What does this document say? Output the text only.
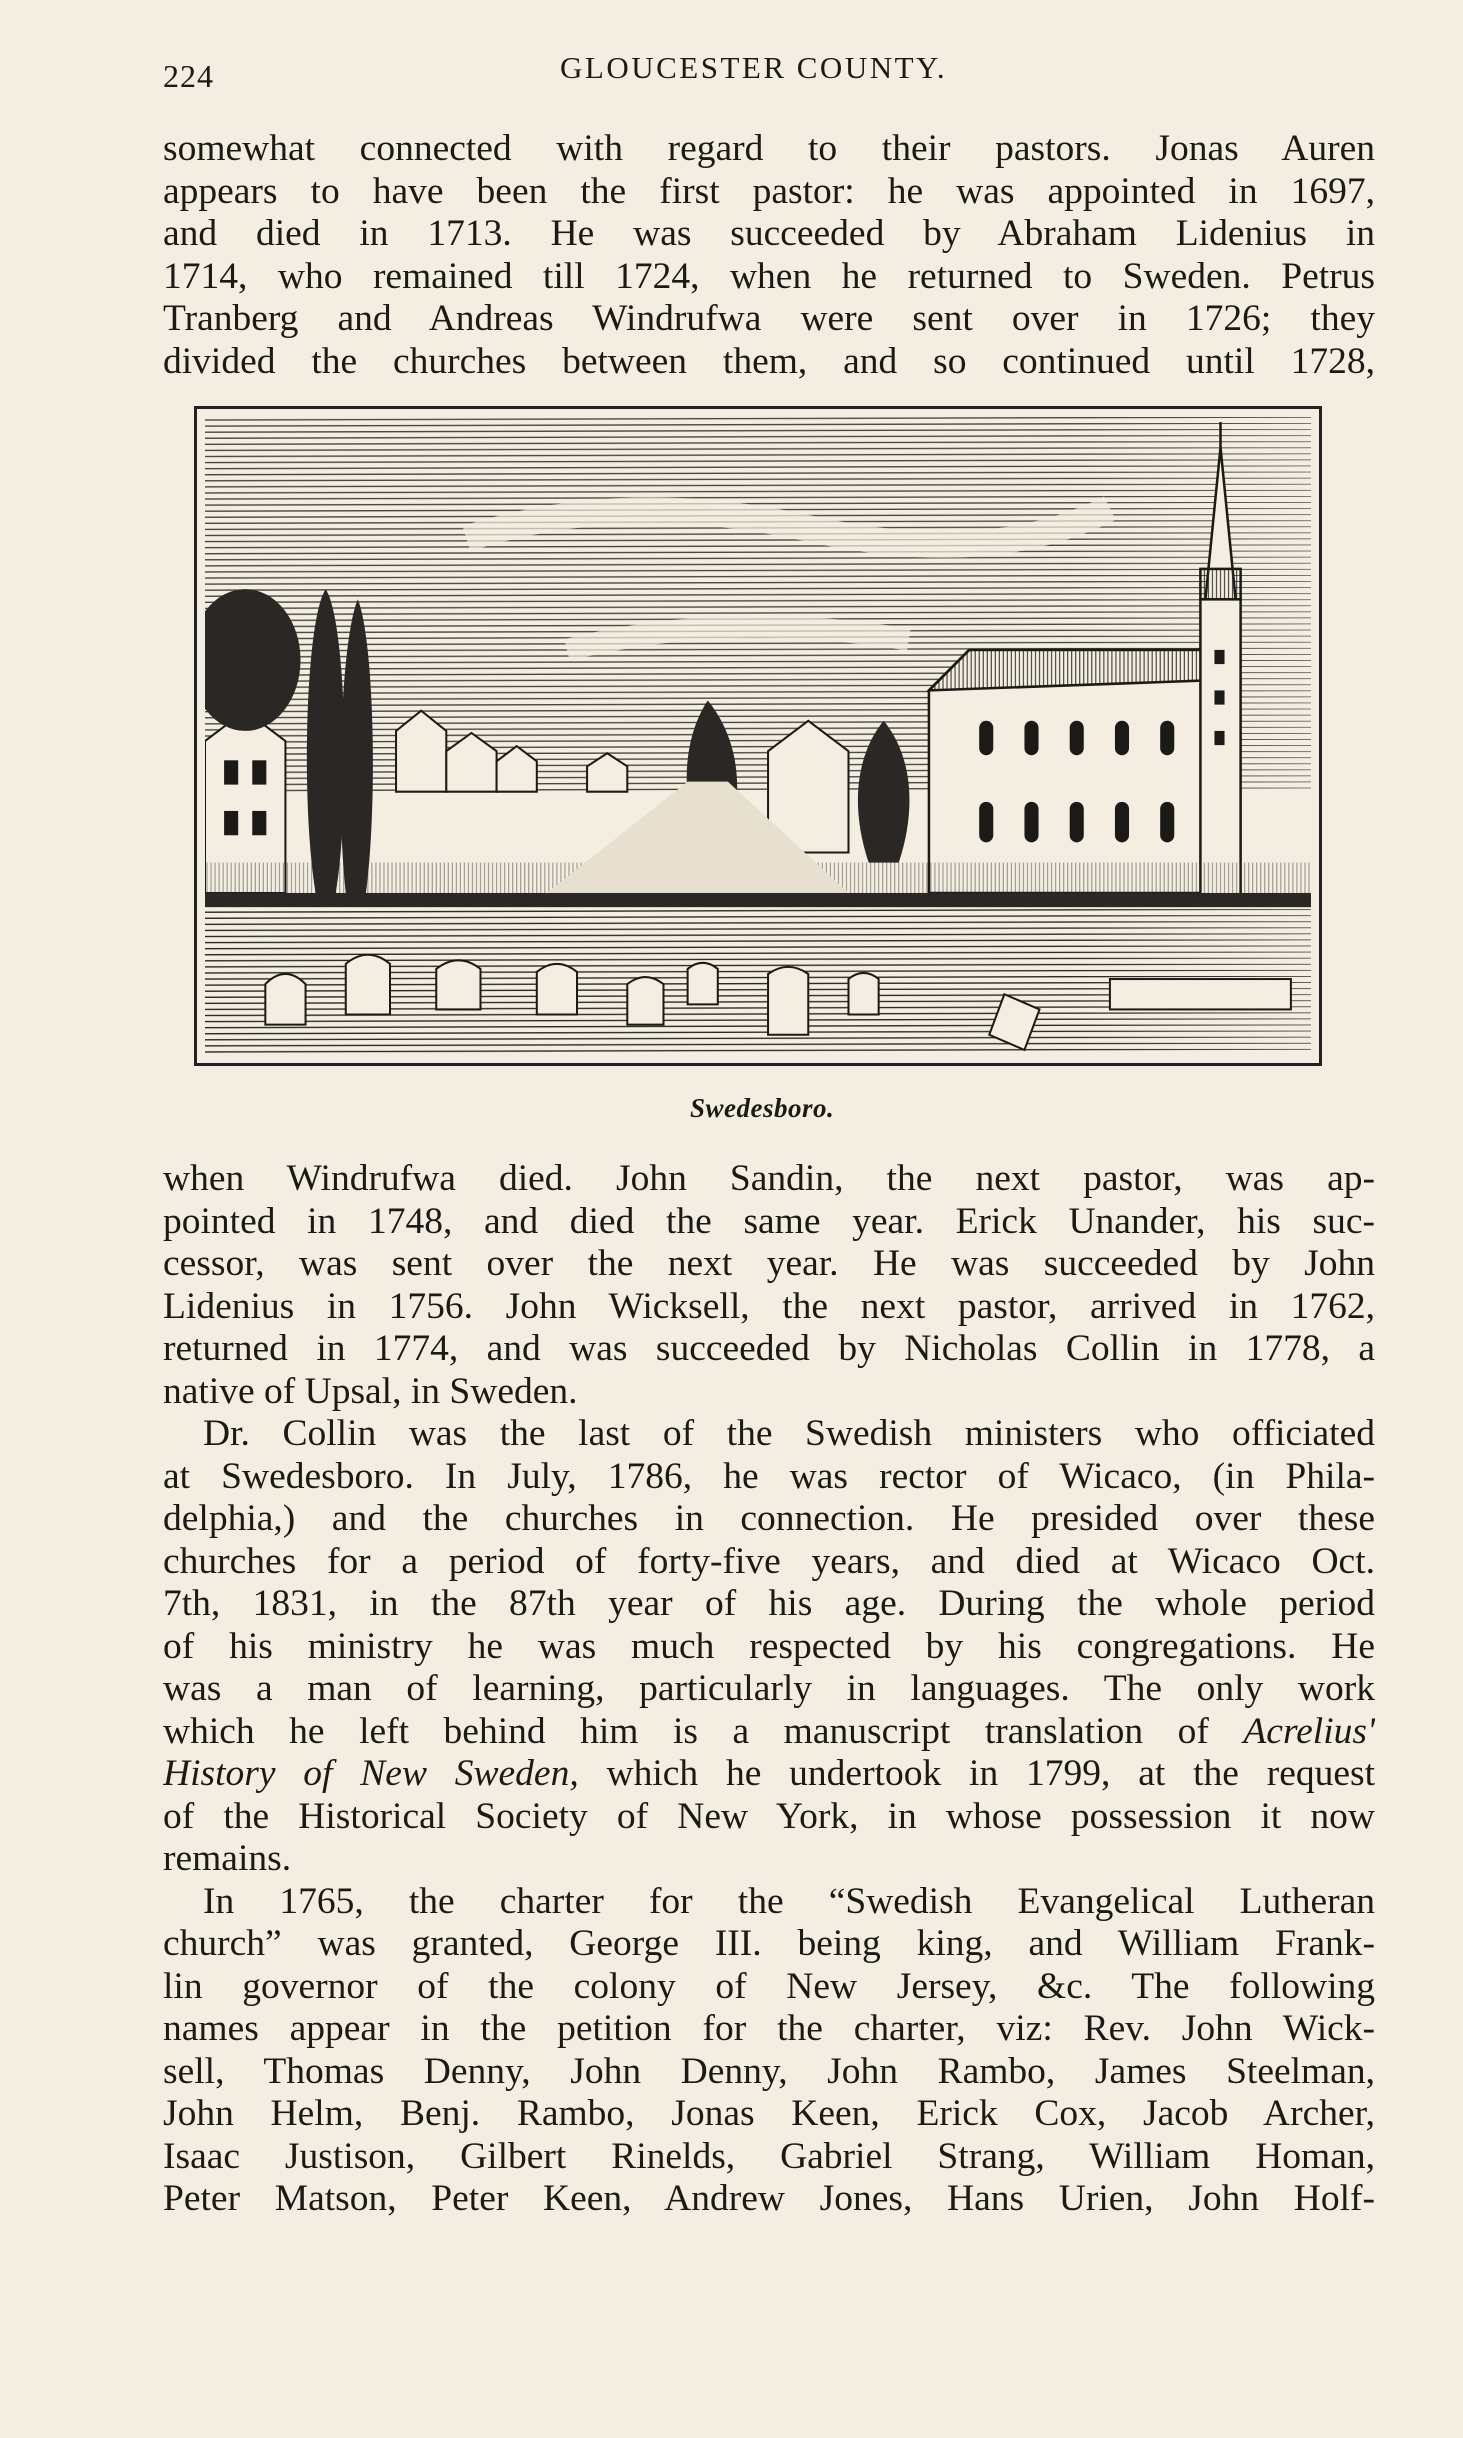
224	GLOUCESTER COUNTY.
somewhat connected with regard to their pastors. Jonas Auren
appears to have been the first pastor: he was appointed in 1697,
and died in 1713. He was succeeded by Abraham Lidenius in
1714, who remained till 1724, when he returned to Sweden. Petrus
Tranberg and Andreas Windrufwa were sent over in 1726; they
divided the churches between them, and so continued until 1728,
Swedesboro.
when Windrufwa died. John Sandin, the next pastor, was ap-
pointed in 1748, and died the same year. Erick Unander, his suc-
cessor, was sent over the next year. He was succeeded by John
Lidenius in 1756. John Wicksell, the next pastor, arrived in 1762,
returned in 1774, and was succeeded by Nicholas Collin in 1778, a
native of Upsal, in Sweden.
Dr. Collin was the last of the Swedish ministers who officiated
at Swedesboro. In July, 1786, he was rector of Wicaco, (in Phila-
delphia,) and the churches in connection. He presided over these
churches for a period of forty-five years, and died at Wicaco Oct.
7th, 1831, in the 87th year of his age. During the whole period
of his ministry he was much respected by his congregations. He
was a man of learning, particularly in languages. The only work
which he left behind him is a manuscript translation of Acrelius'
History of New Sweden, which he undertook in 1799, at the request
of the Historical Society of New York, in whose possession it now
remains.
In 1765, the charter for the “Swedish Evangelical Lutheran
church” was granted, George III. being king, and William Frank-
lin governor of the colony of New Jersey, &c. The following
names appear in the petition for the charter, viz: Rev. John Wick-
sell, Thomas Denny, John Denny, John Rambo, James Steelman,
John Helm, Benj. Rambo, Jonas Keen, Erick Cox, Jacob Archer,
Isaac Justison, Gilbert Rinelds, Gabriel Strang, William Homan,
Peter Matson, Peter Keen, Andrew Jones, Hans Urien, John Holf-
